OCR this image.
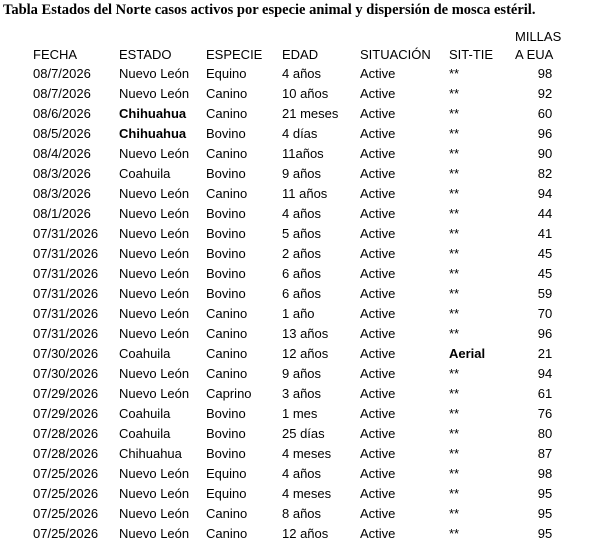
Tabla Estados del Norte casos activos por especie animal y dispersión de mosca estéril.
FECHA	ESTADO	ESPECIE	EDAD	SITUACIÓN	SIT-TIE	MILLAS
A EUA
08/7/2026	Nuevo León	Equino	4 años	Active	**	98
08/7/2026	Nuevo León	Canino	10 años	Active	**	92
08/6/2026	Chihuahua	Canino	21 meses	Active	**	60
08/5/2026	Chihuahua	Bovino	4 días	Active	**	96
08/4/2026	Nuevo León	Canino	11años	Active	**	90
08/3/2026	Coahuila	Bovino	9 años	Active	**	82
08/3/2026	Nuevo León	Canino	11 años	Active	**	94
08/1/2026	Nuevo León	Bovino	4 años	Active	**	44
07/31/2026	Nuevo León	Bovino	5 años	Active	**	41
07/31/2026	Nuevo León	Bovino	2 años	Active	**	45
07/31/2026	Nuevo León	Bovino	6 años	Active	**	45
07/31/2026	Nuevo León	Bovino	6 años	Active	**	59
07/31/2026	Nuevo León	Canino	1 año	Active	**	70
07/31/2026	Nuevo León	Canino	13 años	Active	**	96
07/30/2026	Coahuila	Canino	12 años	Active	Aerial	21
07/30/2026	Nuevo León	Canino	9 años	Active	**	94
07/29/2026	Nuevo León	Caprino	3 años	Active	**	61
07/29/2026	Coahuila	Bovino	1 mes	Active	**	76
07/28/2026	Coahuila	Bovino	25 días	Active	**	80
07/28/2026	Chihuahua	Bovino	4 meses	Active	**	87
07/25/2026	Nuevo León	Equino	4 años	Active	**	98
07/25/2026	Nuevo León	Equino	4 meses	Active	**	95
07/25/2026	Nuevo León	Canino	8 años	Active	**	95
07/25/2026	Nuevo León	Canino	12 años	Active	**	95
